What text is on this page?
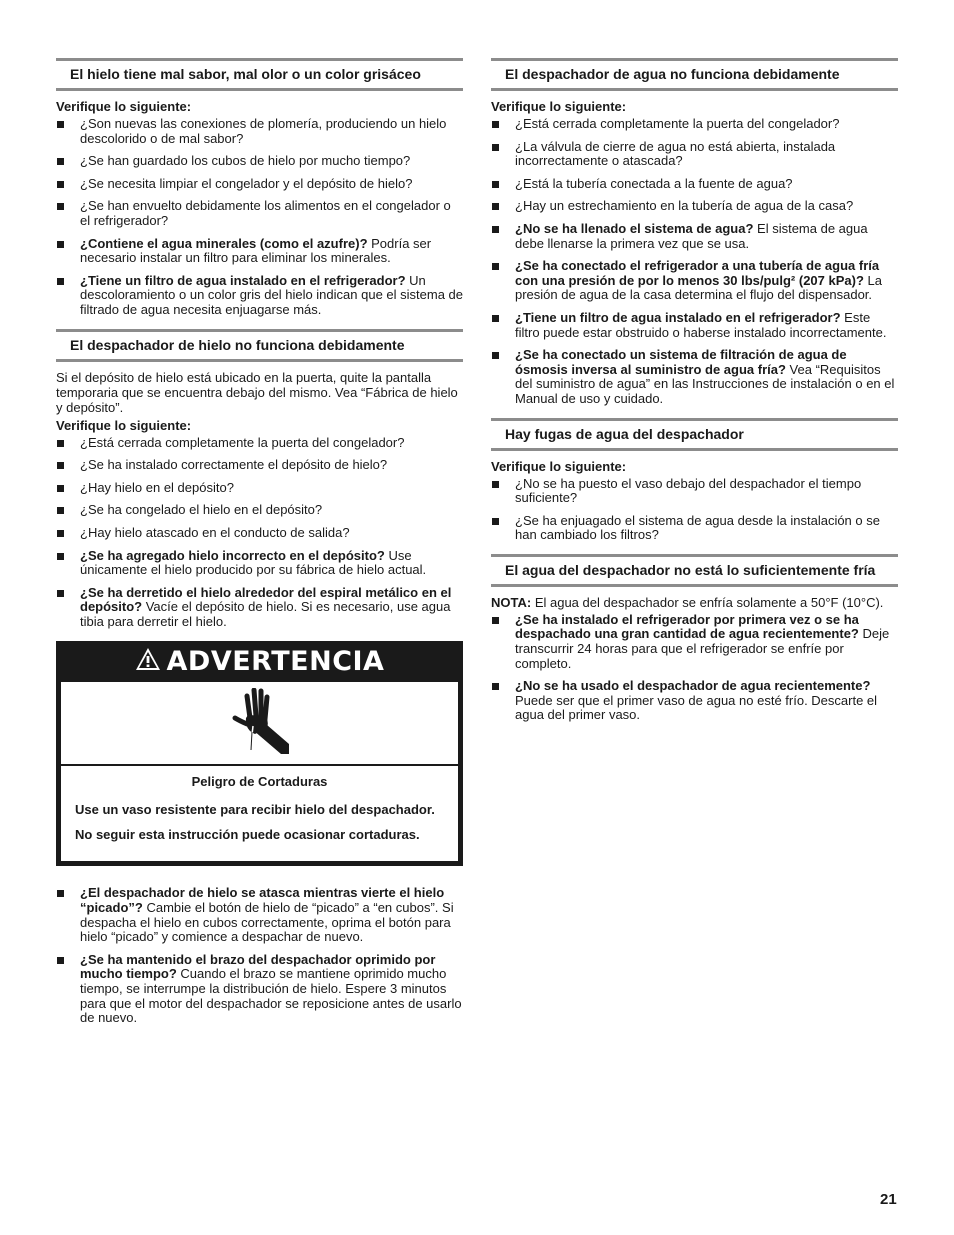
El hielo tiene mal sabor, mal olor o un color grisáceo
Verifique lo siguiente:
¿Son nuevas las conexiones de plomería, produciendo un hielo descolorido o de mal sabor?
¿Se han guardado los cubos de hielo por mucho tiempo?
¿Se necesita limpiar el congelador y el depósito de hielo?
¿Se han envuelto debidamente los alimentos en el congelador o el refrigerador?
¿Contiene el agua minerales (como el azufre)? Podría ser necesario instalar un filtro para eliminar los minerales.
¿Tiene un filtro de agua instalado en el refrigerador? Un descoloramiento o un color gris del hielo indican que el sistema de filtrado de agua necesita enjuagarse más.
El despachador de hielo no funciona debidamente

Si el depósito de hielo está ubicado en la puerta, quite la pantalla temporaria que se encuentra debajo del mismo. Vea “Fábrica de hielo y depósito”.

Verifique lo siguiente:
¿Está cerrada completamente la puerta del congelador?
¿Se ha instalado correctamente el depósito de hielo?
¿Hay hielo en el depósito?
¿Se ha congelado el hielo en el depósito?
¿Hay hielo atascado en el conducto de salida?
¿Se ha agregado hielo incorrecto en el depósito? Use únicamente el hielo producido por su fábrica de hielo actual.
¿Se ha derretido el hielo alrededor del espiral metálico en el depósito? Vacíe el depósito de hielo. Si es necesario, use agua tibia para derretir el hielo.
ADVERTENCIA
Peligro de Cortaduras
Use un vaso resistente para recibir hielo del despachador.
No seguir esta instrucción puede ocasionar cortaduras.
¿El despachador de hielo se atasca mientras vierte el hielo “picado”? Cambie el botón de hielo de “picado” a “en cubos”. Si despacha el hielo en cubos correctamente, oprima el botón para hielo “picado” y comience a despachar de nuevo.
¿Se ha mantenido el brazo del despachador oprimido por mucho tiempo? Cuando el brazo se mantiene oprimido mucho tiempo, se interrumpe la distribución de hielo. Espere 3 minutos para que el motor del despachador se reposicione antes de usarlo de nuevo.
El despachador de agua no funciona debidamente
Verifique lo siguiente:
¿Está cerrada completamente la puerta del congelador?
¿La válvula de cierre de agua no está abierta, instalada incorrectamente o atascada?
¿Está la tubería conectada a la fuente de agua?
¿Hay un estrechamiento en la tubería de agua de la casa?
¿No se ha llenado el sistema de agua? El sistema de agua debe llenarse la primera vez que se usa.
¿Se ha conectado el refrigerador a una tubería de agua fría con una presión de por lo menos 30 lbs/pulg² (207 kPa)? La presión de agua de la casa determina el flujo del dispensador.
¿Tiene un filtro de agua instalado en el refrigerador? Este filtro puede estar obstruido o haberse instalado incorrectamente.
¿Se ha conectado un sistema de filtración de agua de ósmosis inversa al suministro de agua fría? Vea “Requisitos del suministro de agua” en las Instrucciones de instalación o en el Manual de uso y cuidado.
Hay fugas de agua del despachador
Verifique lo siguiente:
¿No se ha puesto el vaso debajo del despachador el tiempo suficiente?
¿Se ha enjuagado el sistema de agua desde la instalación o se han cambiado los filtros?
El agua del despachador no está lo suficientemente fría

NOTA: El agua del despachador se enfría solamente a 50°F (10°C).

¿Se ha instalado el refrigerador por primera vez o se ha despachado una gran cantidad de agua recientemente? Deje transcurrir 24 horas para que el refrigerador se enfríe por completo.
¿No se ha usado el despachador de agua recientemente? Puede ser que el primer vaso de agua no esté frío. Descarte el agua del primer vaso.
21
